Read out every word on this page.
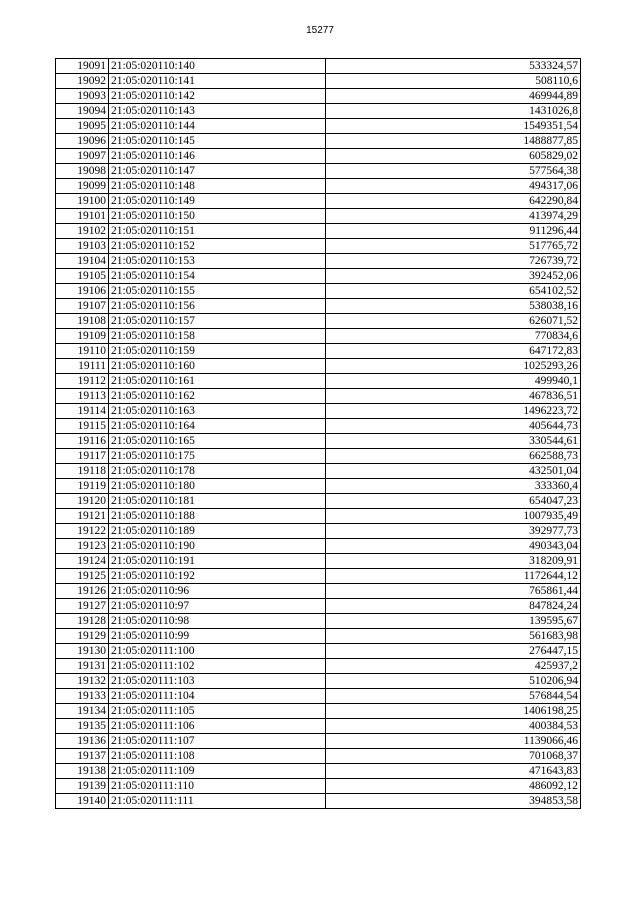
15277
19091	21:05:020110:140	533324,57
19092	21:05:020110:141	508110,6
19093	21:05:020110:142	469944,89
19094	21:05:020110:143	1431026,8
19095	21:05:020110:144	1549351,54
19096	21:05:020110:145	1488877,85
19097	21:05:020110:146	605829,02
19098	21:05:020110:147	577564,38
19099	21:05:020110:148	494317,06
19100	21:05:020110:149	642290,84
19101	21:05:020110:150	413974,29
19102	21:05:020110:151	911296,44
19103	21:05:020110:152	517765,72
19104	21:05:020110:153	726739,72
19105	21:05:020110:154	392452,06
19106	21:05:020110:155	654102,52
19107	21:05:020110:156	538038,16
19108	21:05:020110:157	626071,52
19109	21:05:020110:158	770834,6
19110	21:05:020110:159	647172,83
19111	21:05:020110:160	1025293,26
19112	21:05:020110:161	499940,1
19113	21:05:020110:162	467836,51
19114	21:05:020110:163	1496223,72
19115	21:05:020110:164	405644,73
19116	21:05:020110:165	330544,61
19117	21:05:020110:175	662588,73
19118	21:05:020110:178	432501,04
19119	21:05:020110:180	333360,4
19120	21:05:020110:181	654047,23
19121	21:05:020110:188	1007935,49
19122	21:05:020110:189	392977,73
19123	21:05:020110:190	490343,04
19124	21:05:020110:191	318209,91
19125	21:05:020110:192	1172644,12
19126	21:05:020110:96	765861,44
19127	21:05:020110:97	847824,24
19128	21:05:020110:98	139595,67
19129	21:05:020110:99	561683,98
19130	21:05:020111:100	276447,15
19131	21:05:020111:102	425937,2
19132	21:05:020111:103	510206,94
19133	21:05:020111:104	576844,54
19134	21:05:020111:105	1406198,25
19135	21:05:020111:106	400384,53
19136	21:05:020111:107	1139066,46
19137	21:05:020111:108	701068,37
19138	21:05:020111:109	471643,83
19139	21:05:020111:110	486092,12
19140	21:05:020111:111	394853,58
